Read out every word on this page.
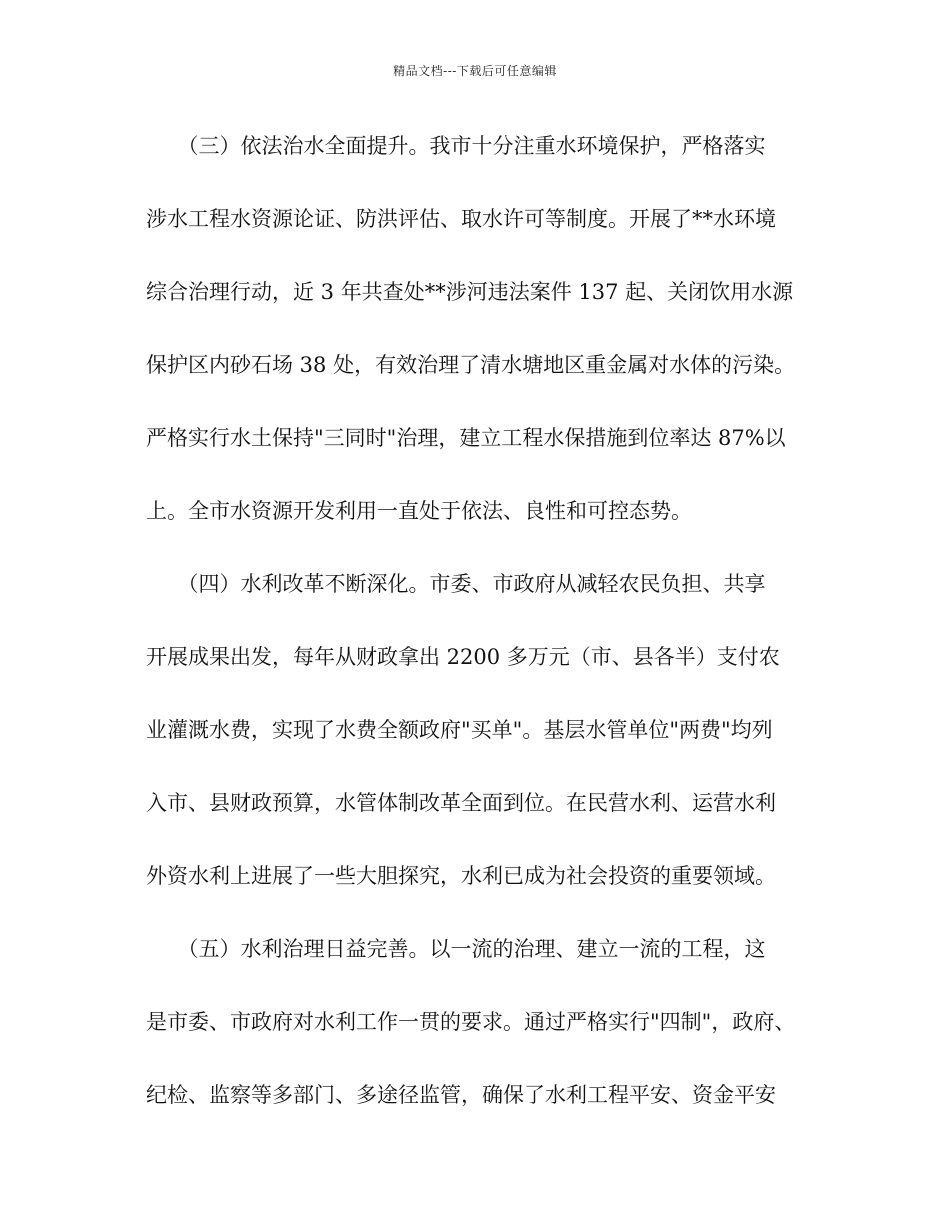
精品文档---下载后可任意编辑
　　（三）依法治水全面提升。我市十分注重水环境保护，严格落实
涉水工程水资源论证、防洪评估、取水许可等制度。开展了**水环境
综合治理行动，近 3 年共查处**涉河违法案件 137 起、关闭饮用水源
保护区内砂石场 38 处，有效治理了清水塘地区重金属对水体的污染。
严格实行水土保持"三同时"治理，建立工程水保措施到位率达 87%以
上。全市水资源开发利用一直处于依法、良性和可控态势。
　　（四）水利改革不断深化。市委、市政府从减轻农民负担、共享
开展成果出发，每年从财政拿出 2200 多万元（市、县各半）支付农
业灌溉水费，实现了水费全额政府"买单"。基层水管单位"两费"均列
入市、县财政预算，水管体制改革全面到位。在民营水利、运营水利
外资水利上进展了一些大胆探究，水利已成为社会投资的重要领域。
　　（五）水利治理日益完善。以一流的治理、建立一流的工程，这
是市委、市政府对水利工作一贯的要求。通过严格实行"四制"，政府、
纪检、监察等多部门、多途径监管，确保了水利工程平安、资金平安
